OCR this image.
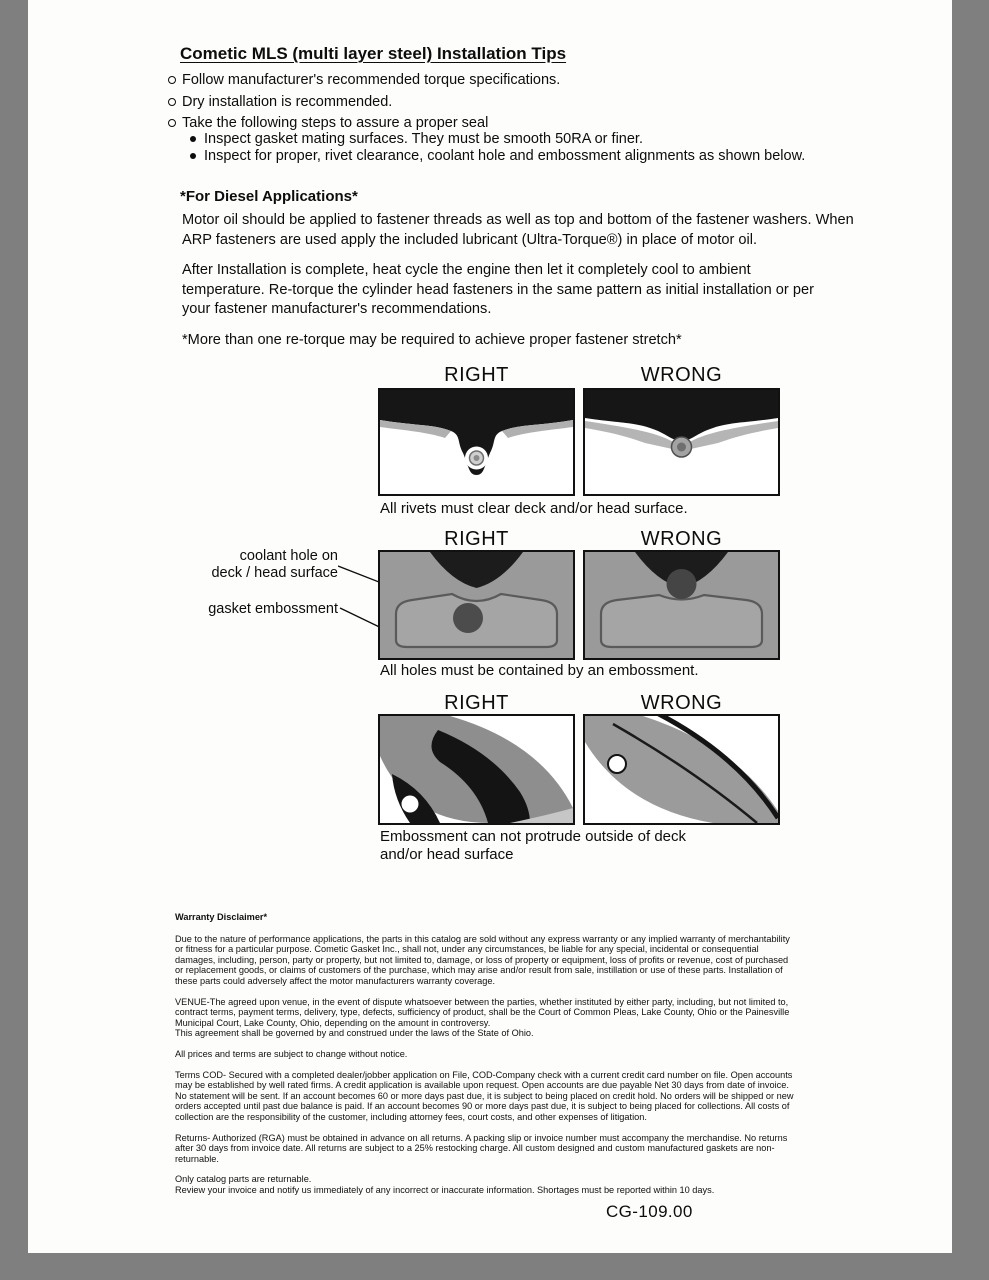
Cometic MLS (multi layer steel) Installation Tips
Follow manufacturer's recommended torque specifications.
Dry installation is recommended.
Take the following steps to assure a proper seal
Inspect gasket mating surfaces. They must be smooth 50RA or finer.
Inspect for proper, rivet clearance, coolant hole and embossment alignments as shown below.
*For Diesel Applications*
Motor oil should be applied to fastener threads as well as top and bottom of the fastener washers. When ARP fasteners are used apply the included lubricant (Ultra-Torque®) in place of motor oil.
After Installation is complete, heat cycle the engine then let it completely cool to ambient temperature. Re-torque the cylinder head fasteners in the same pattern as initial installation or per your fastener manufacturer's recommendations.
*More than one re-torque may be required to achieve proper fastener stretch*
RIGHT	WRONG
All rivets must clear deck and/or head surface.
RIGHT	WRONG
coolant hole on
deck / head surface
gasket embossment
All holes must be contained by an embossment.
RIGHT	WRONG
Embossment can not protrude outside of deck and/or head surface

Warranty Disclaimer*

Due to the nature of performance applications, the parts in this catalog are sold without any express warranty or any implied warranty of merchantability or fitness for a particular purpose. Cometic Gasket Inc., shall not, under any circumstances, be liable for any special, incidental or consequential damages, including, person, party or property, but not limited to, damage, or loss of property or equipment, loss of profits or revenue, cost of purchased or replacement goods, or claims of customers of the purchase, which may arise and/or result from sale, instillation or use of these parts. Installation of these parts could adversely affect the motor manufacturers warranty coverage.

VENUE-The agreed upon venue, in the event of dispute whatsoever between the parties, whether instituted by either party, including, but not limited to, contract terms, payment terms, delivery, type, defects, sufficiency of product, shall be the Court of Common Pleas, Lake County, Ohio or the Painesville Municipal Court, Lake County, Ohio, depending on the amount in controversy.

This agreement shall be governed by and construed under the laws of the State of Ohio.

All prices and terms are subject to change without notice.

Terms COD- Secured with a completed dealer/jobber application on File, COD-Company check with a current credit card number on file. Open accounts may be established by well rated firms. A credit application is available upon request. Open accounts are due payable Net 30 days from date of invoice. No statement will be sent. If an account becomes 60 or more days past due, it is subject to being placed on credit hold. No orders will be shipped or new orders accepted until past due balance is paid. If an account becomes 90 or more days past due, it is subject to being placed for collections. All costs of collection are the responsibility of the customer, including attorney fees, court costs, and other expenses of litigation.

Returns- Authorized (RGA) must be obtained in advance on all returns. A packing slip or invoice number must accompany the merchandise. No returns after 30 days from invoice date. All returns are subject to a 25% restocking charge. All custom designed and custom manufactured gaskets are non-returnable.

Only catalog parts are returnable.

Review your invoice and notify us immediately of any incorrect or inaccurate information. Shortages must be reported within 10 days.

CG-109.00
